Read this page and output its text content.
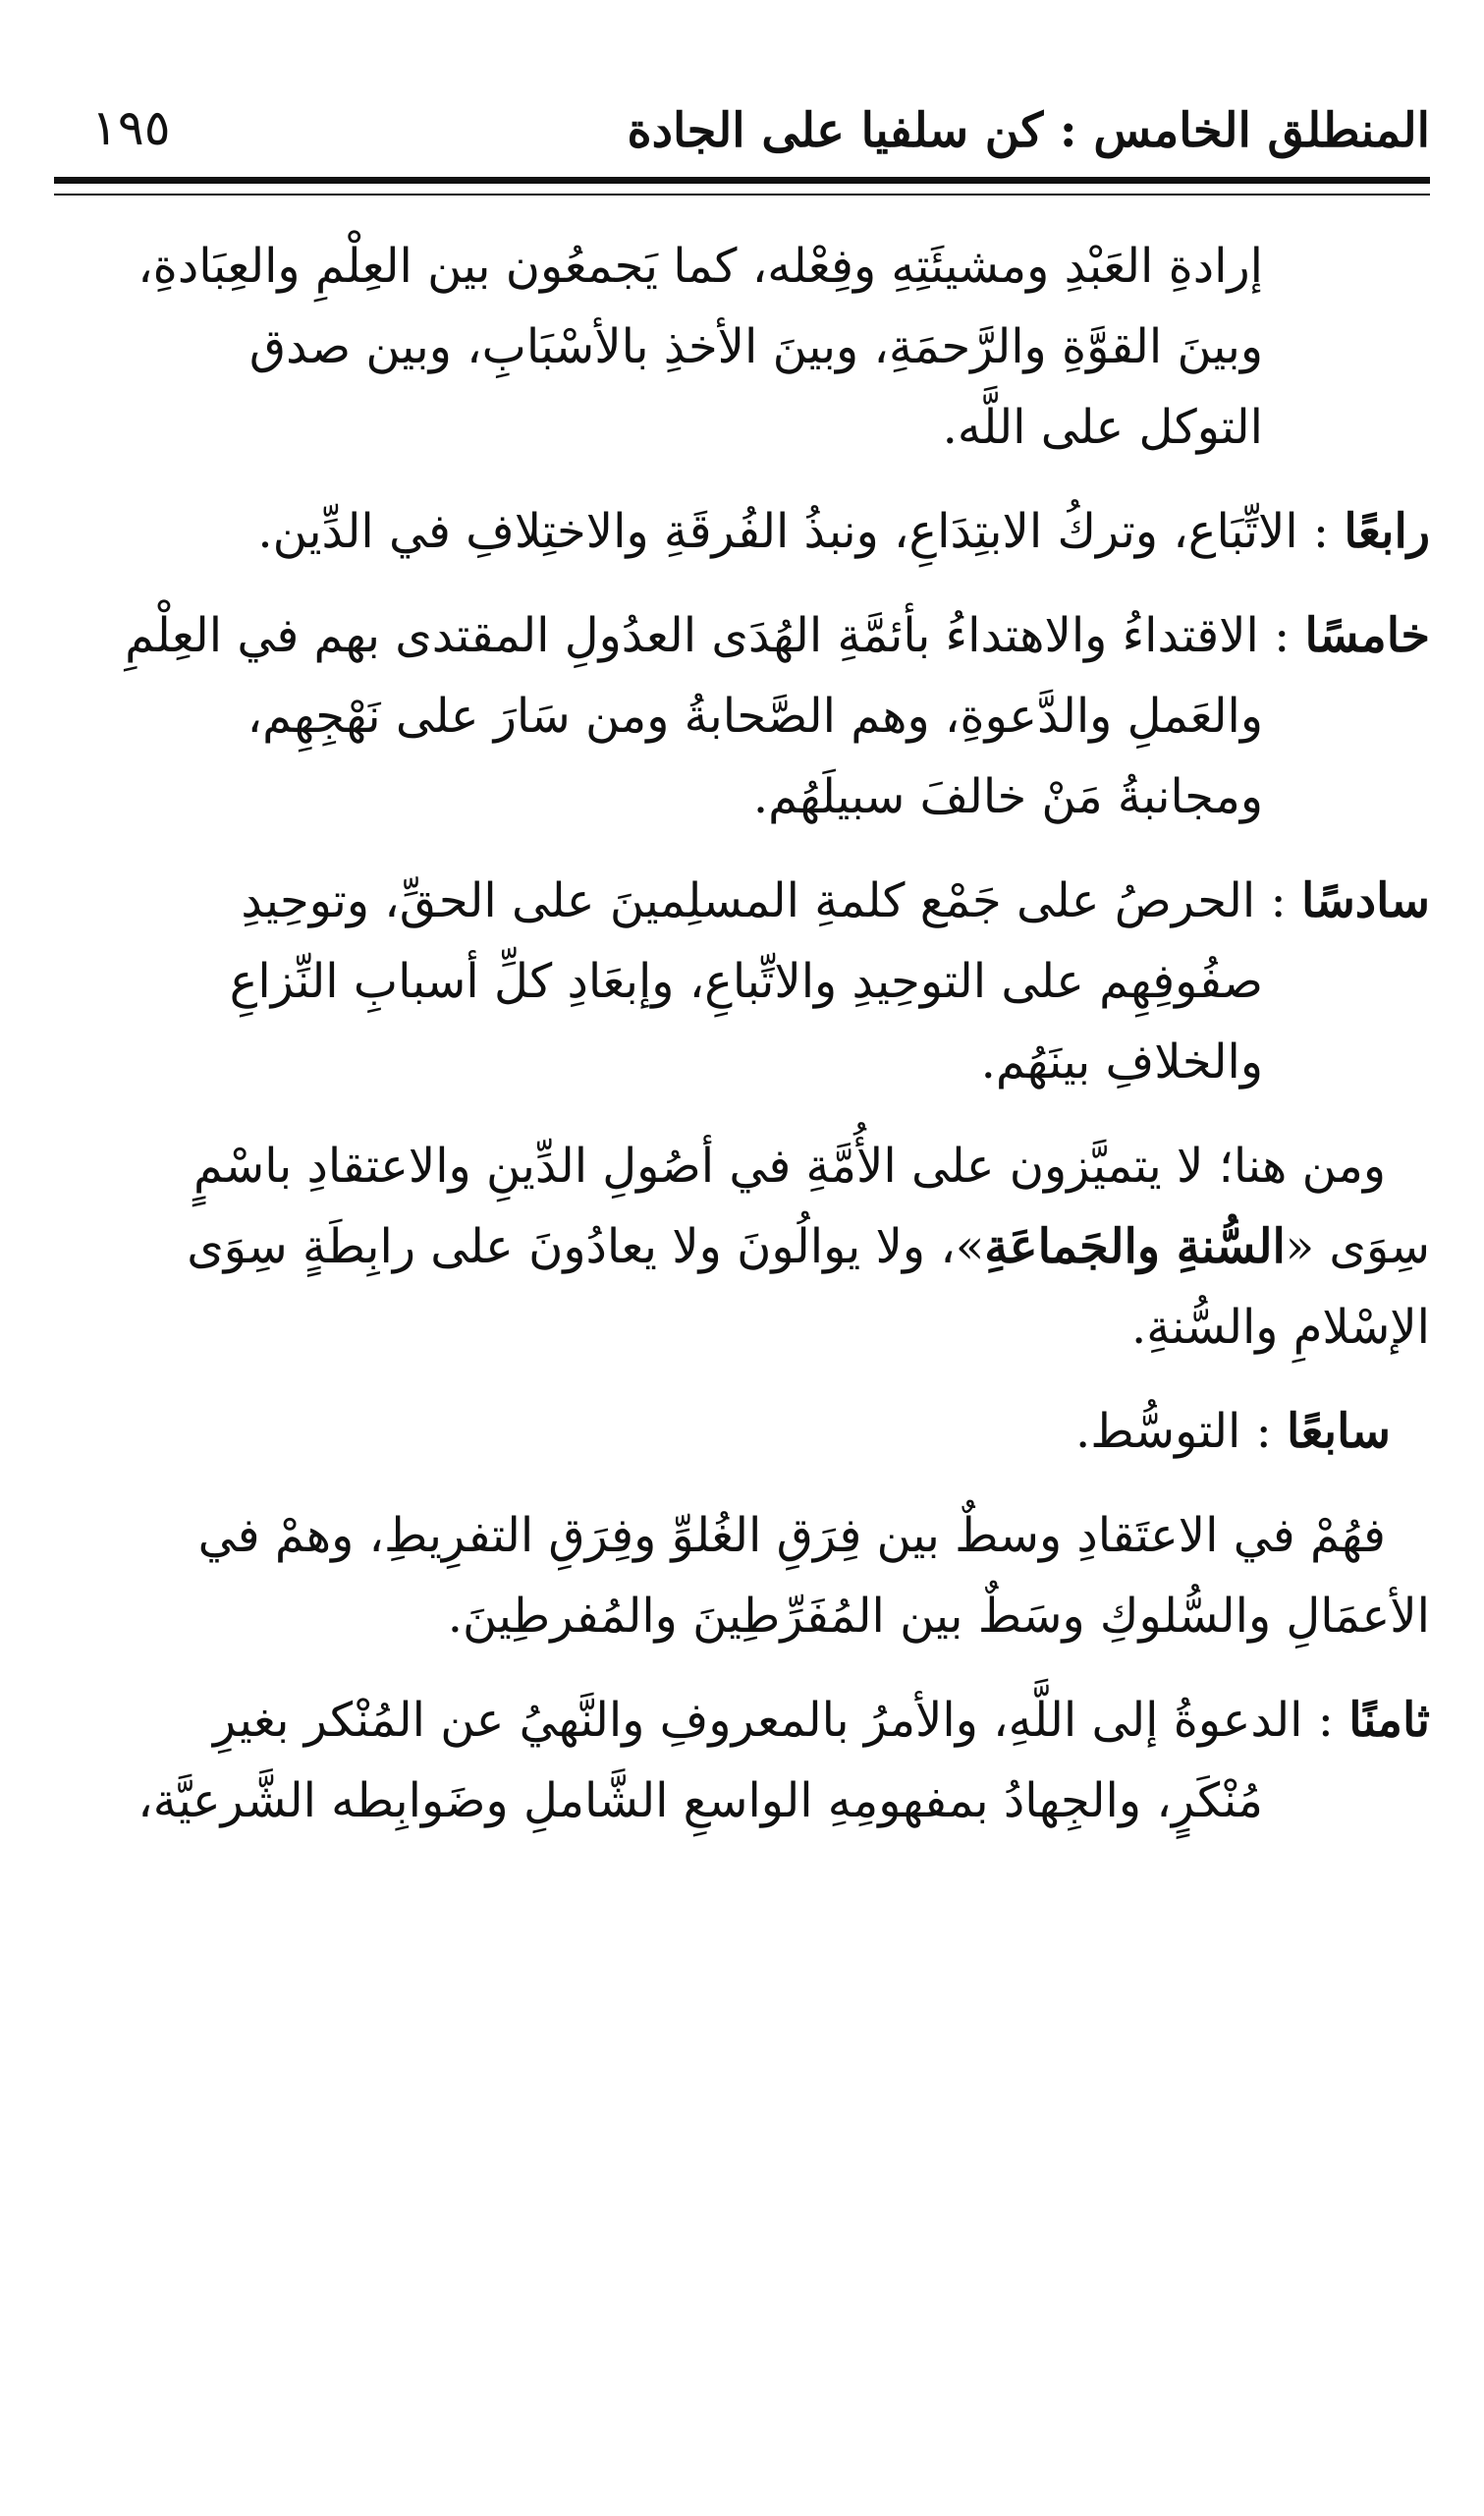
١٩٥	المنطلق الخامس : كن سلفيا على الجادة
إرادةِ العَبْدِ ومشيئَتِهِ وفِعْله، كما يَجمعُون بين العِلْمِ والعِبَادةِ،
وبينَ القوَّةِ والرَّحمَةِ، وبينَ الأخذِ بالأسْبَابِ، وبين صدق
التوكل على اللَّه.
رابعًا : الاتِّبَاع، وتركُ الابتِدَاعِ، ونبذُ الفُرقَةِ والاختِلافِ في الدِّين.
خامسًا : الاقتداءُ والاهتداءُ بأئمَّةِ الهُدَى العدُولِ المقتدى بهم في العِلْمِ
والعَملِ والدَّعوةِ، وهم الصَّحابةُ ومن سَارَ على نَهْجِهِم،
ومجانبةُ مَنْ خالفَ سبيلَهُم.
سادسًا : الحرصُ على جَمْع كلمةِ المسلِمينَ على الحقِّ، وتوحِيدِ
صفُوفِهِم على التوحِيدِ والاتِّباعِ، وإبعَادِ كلِّ أسبابِ النِّزاعِ
والخلافِ بينَهُم.
ومن هنا؛ لا يتميَّزون على الأُمَّةِ في أصُولِ الدِّينِ والاعتقادِ باسْمٍ
سِوَى «السُّنةِ والجَماعَةِ»، ولا يوالُونَ ولا يعادُونَ على رابِطَةٍ سِوَى
الإسْلامِ والسُّنةِ.
سابعًا : التوسُّط.
فهُمْ في الاعتَقادِ وسطٌ بين فِرَقِ الغُلوِّ وفِرَقِ التفرِيطِ، وهمْ في
الأعمَالِ والسُّلوكِ وسَطٌ بين المُفَرِّطِينَ والمُفرطِينَ.
ثامنًا : الدعوةُ إلى اللَّهِ، والأمرُ بالمعروفِ والنَّهيُ عن المُنْكر بغيرِ
مُنْكَرٍ، والجِهادُ بمفهومِهِ الواسعِ الشَّاملِ وضَوابِطه الشَّرعيَّة،
